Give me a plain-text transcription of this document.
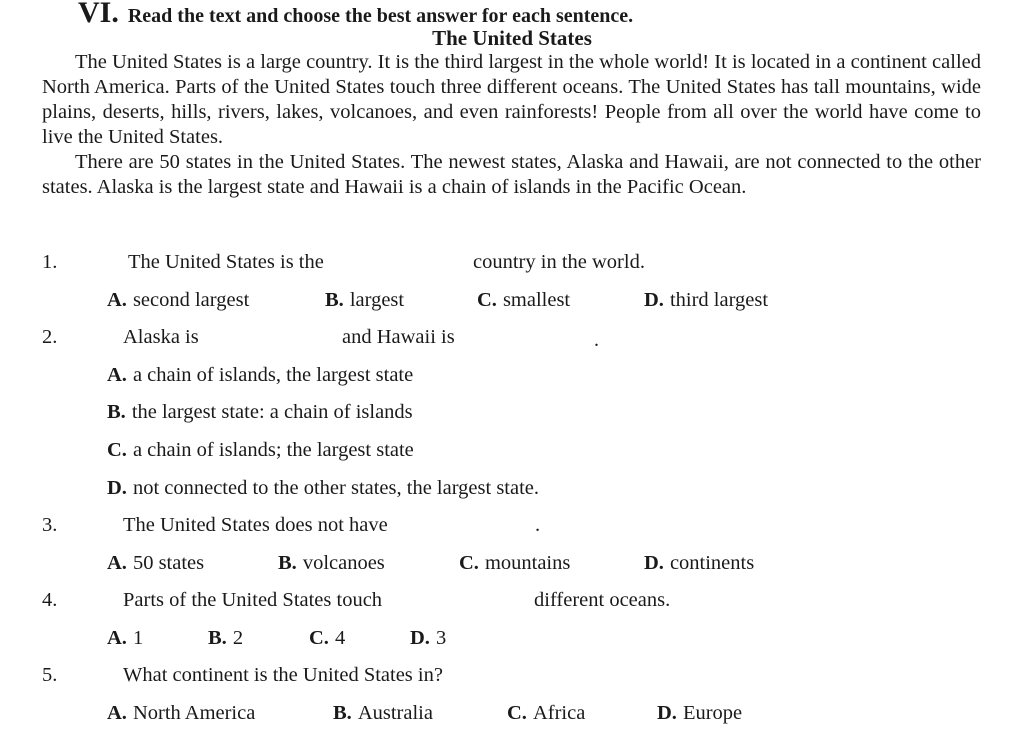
VI. Read the text and choose the best answer for each sentence.
The United States
The United States is a large country. It is the third largest in the whole world! It is located in a continent called North America. Parts of the United States touch three different oceans. The United States has tall mountains, wide plains, deserts, hills, rivers, lakes, volcanoes, and even rainforests! People from all over the world have come to live the United States.
There are 50 states in the United States. The newest states, Alaska and Hawaii, are not connected to the other states. Alaska is the largest state and Hawaii is a chain of islands in the Pacific Ocean.
1.	The United States is the	country in the world.
A. second largest	B. largest	C. smallest	D. third largest
2.	Alaska is	and Hawaii is	.
A. a chain of islands, the largest state
B. the largest state: a chain of islands
C. a chain of islands; the largest state
D. not connected to the other states, the largest state.
3.	The United States does not have	.
A. 50 states	B. volcanoes	C. mountains	D. continents
4.	Parts of the United States touch	different oceans.
A. 1	B. 2	C. 4	D. 3
5.	What continent is the United States in?
A. North America	B. Australia	C. Africa	D. Europe
